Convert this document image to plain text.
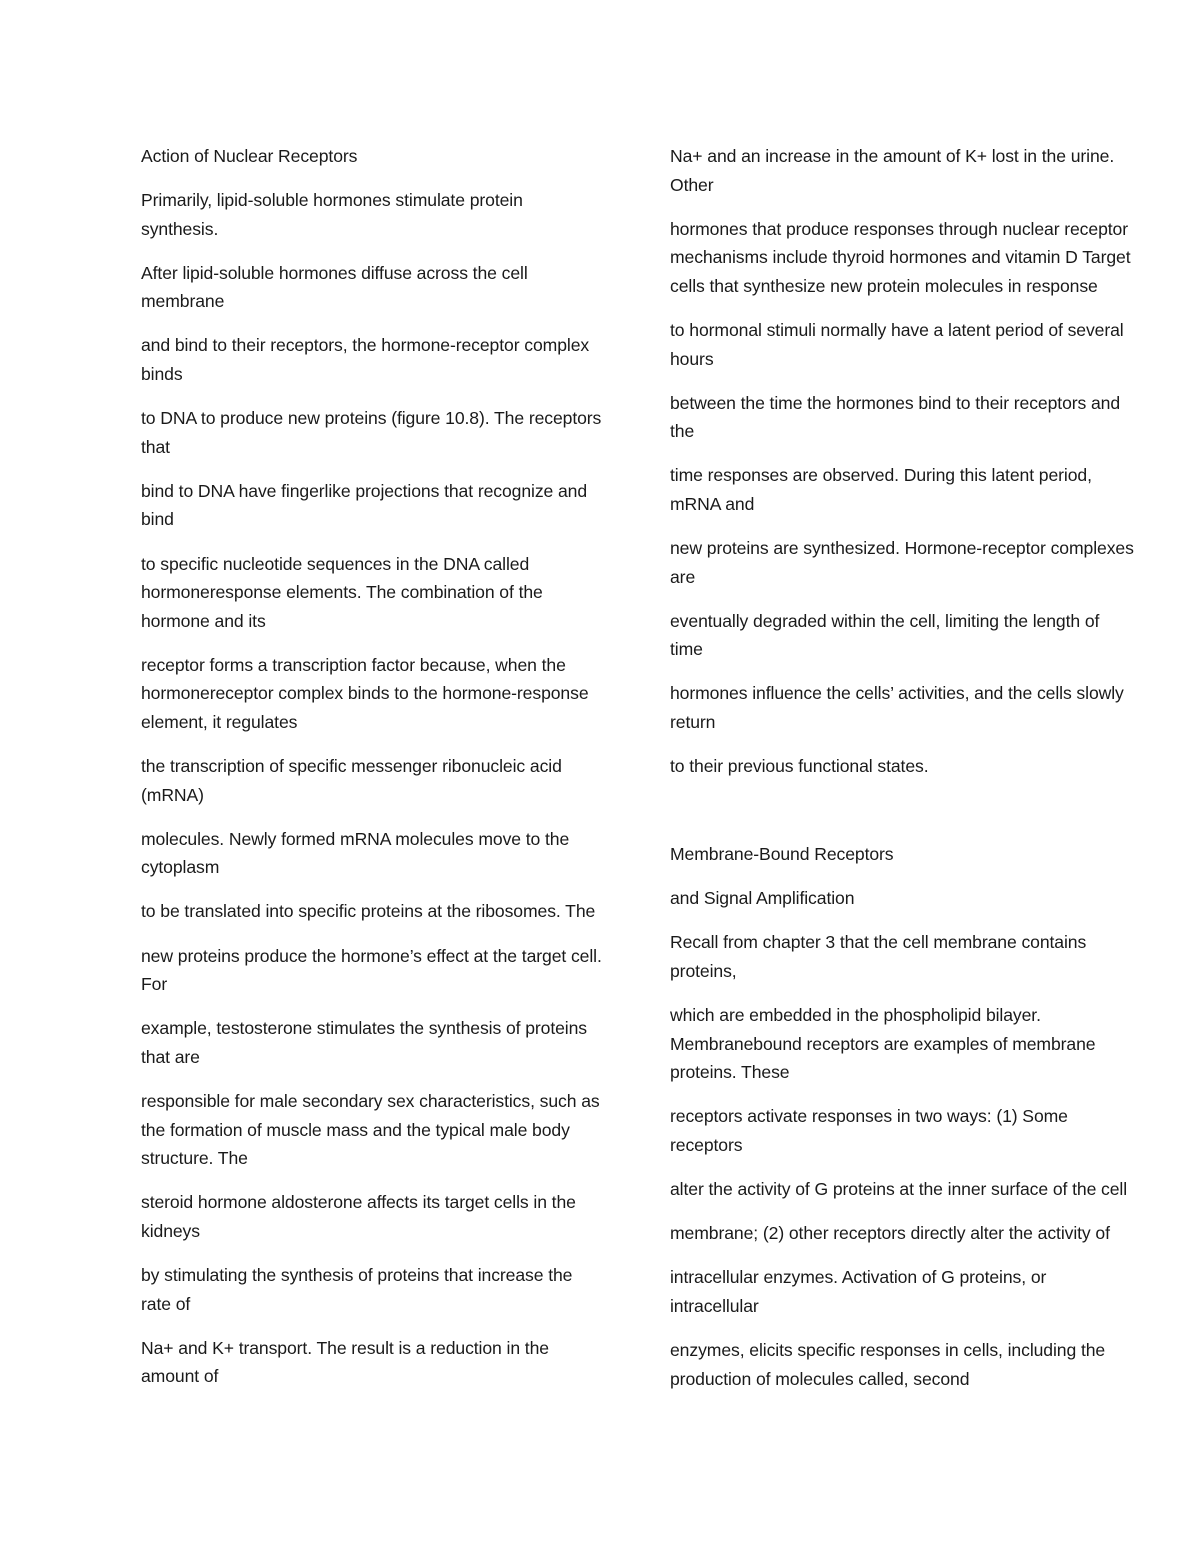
Action of Nuclear Receptors

Primarily, lipid-soluble hormones stimulate protein synthesis.

After lipid-soluble hormones diffuse across the cell membrane

and bind to their receptors, the hormone-receptor complex binds

to DNA to produce new proteins (figure 10.8). The receptors that

bind to DNA have fingerlike projections that recognize and bind

to specific nucleotide sequences in the DNA called hormoneresponse elements. The combination of the hormone and its

receptor forms a transcription factor because, when the hormonereceptor complex binds to the hormone-response element, it regulates

the transcription of specific messenger ribonucleic acid (mRNA)

molecules. Newly formed mRNA molecules move to the cytoplasm

to be translated into specific proteins at the ribosomes. The

new proteins produce the hormone’s effect at the target cell. For

example, testosterone stimulates the synthesis of proteins that are

responsible for male secondary sex characteristics, such as the formation of muscle mass and the typical male body structure. The

steroid hormone aldosterone affects its target cells in the kidneys

by stimulating the synthesis of proteins that increase the rate of

Na+ and K+ transport. The result is a reduction in the amount of

Na+ and an increase in the amount of K+ lost in the urine. Other

hormones that produce responses through nuclear receptor mechanisms include thyroid hormones and vitamin D Target cells that synthesize new protein molecules in response

to hormonal stimuli normally have a latent period of several hours

between the time the hormones bind to their receptors and the

time responses are observed. During this latent period, mRNA and

new proteins are synthesized. Hormone-receptor complexes are

eventually degraded within the cell, limiting the length of time

hormones influence the cells’ activities, and the cells slowly return

to their previous functional states.

Membrane-Bound Receptors

and Signal Amplification

Recall from chapter 3 that the cell membrane contains proteins,

which are embedded in the phospholipid bilayer. Membranebound receptors are examples of membrane proteins. These

receptors activate responses in two ways: (1) Some receptors

alter the activity of G proteins at the inner surface of the cell

membrane; (2) other receptors directly alter the activity of

intracellular enzymes. Activation of G proteins, or intracellular

enzymes, elicits specific responses in cells, including the production of molecules called, second
